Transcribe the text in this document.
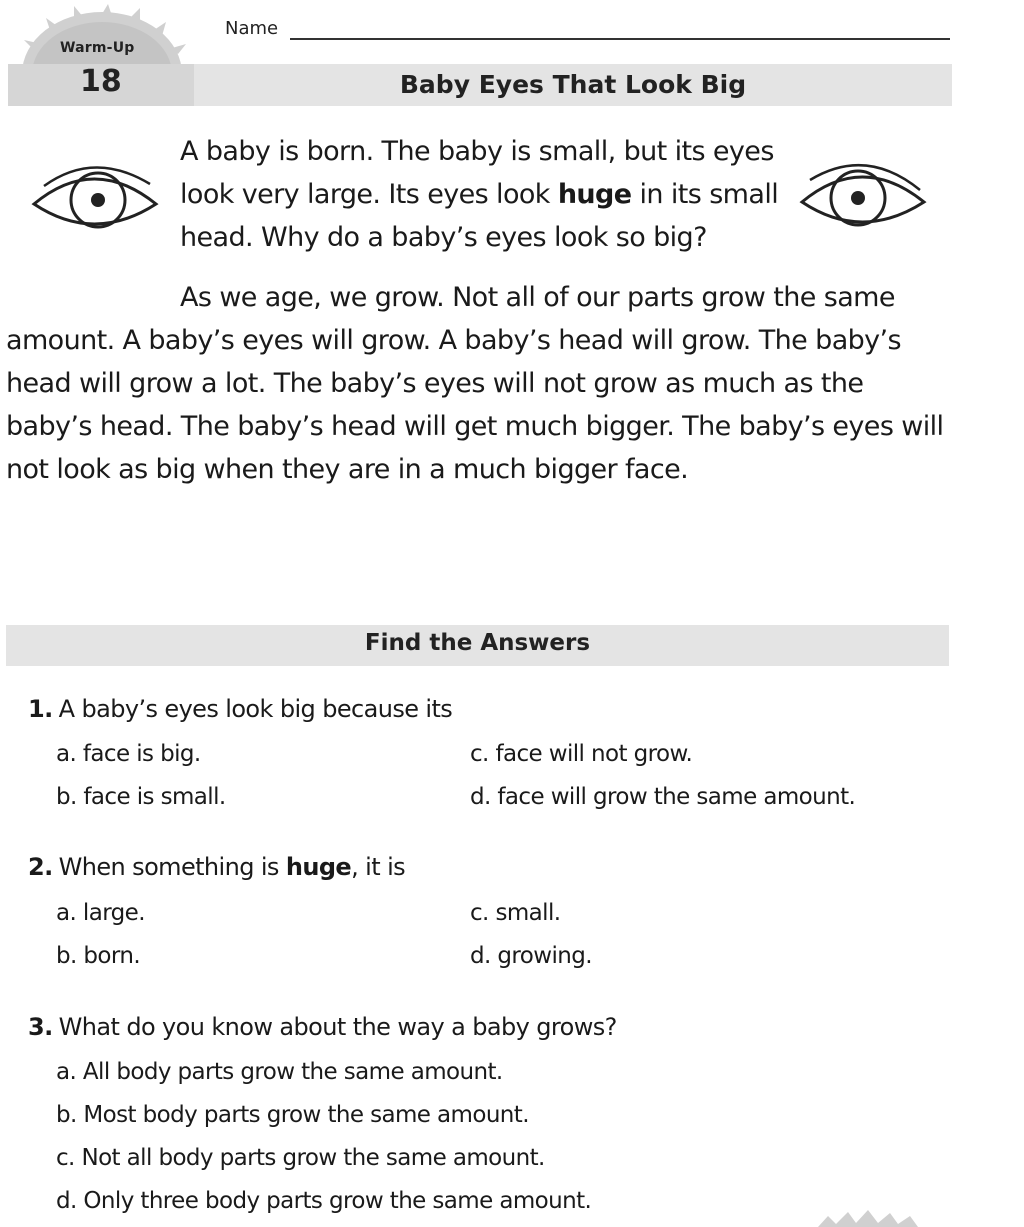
Warm-Up
18	Baby Eyes That Look Big
Name
A baby is born. The baby is small, but its eyes look very large. Its eyes look huge in its small head. Why do a baby’s eyes look so big?
As we age, we grow. Not all of our parts grow the same amount. A baby’s eyes will grow. A baby’s head will grow. The baby’s head will grow a lot. The baby’s eyes will not grow as much as the baby’s head. The baby’s head will get much bigger. The baby’s eyes will not look as big when they are in a much bigger face.
Find the Answers
1. A baby’s eyes look big because its
a. face is big.
b. face is small.
c. face will not grow.
d. face will grow the same amount.
2. When something is huge, it is
a. large.
b. born.
c. small.
d. growing.
3. What do you know about the way a baby grows?
a. All body parts grow the same amount.
b. Most body parts grow the same amount.
c. Not all body parts grow the same amount.
d. Only three body parts grow the same amount.
